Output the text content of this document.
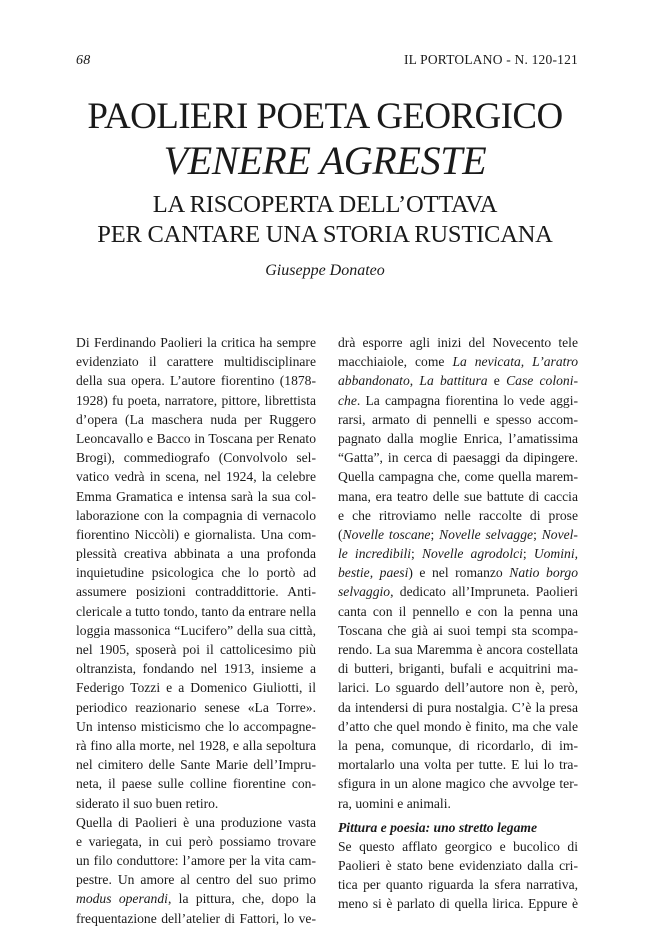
68	IL PORTOLANO - N. 120-121
PAOLIERI POETA GEORGICO
VENERE AGRESTE
LA RISCOPERTA DELL’OTTAVA
PER CANTARE UNA STORIA RUSTICANA
Giuseppe Donateo
Di Ferdinando Paolieri la critica ha sempre
evidenziato il carattere multidisciplinare
della sua opera. L’autore fiorentino (1878-
1928) fu poeta, narratore, pittore, librettista
d’opera (La maschera nuda per Ruggero
Leoncavallo e Bacco in Toscana per Renato
Brogi), commediografo (Convolvolo sel-
vatico vedrà in scena, nel 1924, la celebre
Emma Gramatica e intensa sarà la sua col-
laborazione con la compagnia di vernacolo
fiorentino Niccòli) e giornalista. Una com-
plessità creativa abbinata a una profonda
inquietudine psicologica che lo portò ad
assumere posizioni contraddittorie. Anti-
clericale a tutto tondo, tanto da entrare nella
loggia massonica “Lucifero” della sua città,
nel 1905, sposerà poi il cattolicesimo più
oltranzista, fondando nel 1913, insieme a
Federigo Tozzi e a Domenico Giuliotti, il
periodico reazionario senese «La Torre».
Un intenso misticismo che lo accompagne-
rà fino alla morte, nel 1928, e alla sepoltura
nel cimitero delle Sante Marie dell’Impru-
neta, il paese sulle colline fiorentine con-
siderato il suo buen retiro.
Quella di Paolieri è una produzione vasta
e variegata, in cui però possiamo trovare
un filo conduttore: l’amore per la vita cam-
pestre. Un amore al centro del suo primo
modus operandi, la pittura, che, dopo la
frequentazione dell’atelier di Fattori, lo ve-
drà esporre agli inizi del Novecento tele
macchiaiole, come La nevicata, L’aratro
abbandonato, La battitura e Case coloni-
che. La campagna fiorentina lo vede aggi-
rarsi, armato di pennelli e spesso accom-
pagnato dalla moglie Enrica, l’amatissima
“Gatta”, in cerca di paesaggi da dipingere.
Quella campagna che, come quella marem-
mana, era teatro delle sue battute di caccia
e che ritroviamo nelle raccolte di prose
(Novelle toscane; Novelle selvagge; Novel-
le incredibili; Novelle agrodolci; Uomini,
bestie, paesi) e nel romanzo Natio borgo
selvaggio, dedicato all’Impruneta. Paolieri
canta con il pennello e con la penna una
Toscana che già ai suoi tempi sta scompa-
rendo. La sua Maremma è ancora costellata
di butteri, briganti, bufali e acquitrini ma-
larici. Lo sguardo dell’autore non è, però,
da intendersi di pura nostalgia. C’è la presa
d’atto che quel mondo è finito, ma che vale
la pena, comunque, di ricordarlo, di im-
mortalarlo una volta per tutte. E lui lo tra-
sfigura in un alone magico che avvolge ter-
ra, uomini e animali.
Pittura e poesia: uno stretto legame
Se questo afflato georgico e bucolico di
Paolieri è stato bene evidenziato dalla cri-
tica per quanto riguarda la sfera narrativa,
meno si è parlato di quella lirica. Eppure è
